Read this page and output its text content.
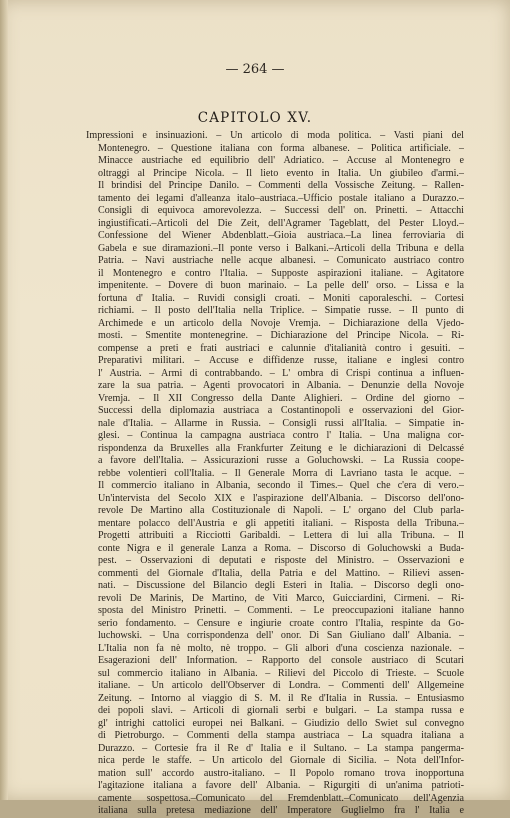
— 264 —
CAPITOLO XV.
Impressioni e insinuazioni. – Un articolo di moda politica. – Vasti piani del
Montenegro. – Questione italiana con forma albanese. – Politica artificiale. –
Minacce austriache ed equilibrio dell' Adriatico. – Accuse al Montenegro e
oltraggi al Principe Nicola. – Il lieto evento in Italia. Un giubileo d'armi.–
Il brindisi del Principe Danilo. – Commenti della Vossische Zeitung. – Rallen-
tamento dei legami d'alleanza italo–austriaca.–Ufficio postale italiano a Durazzo.–
Consigli di equivoca amorevolezza. – Successi dell' on. Prinetti. – Attacchi
ingiustificati.–Articoli del Die Zeit, dell'Agramer Tageblatt, del Pester Lloyd.–
Confessione del Wiener Abdenblatt.–Gioia austriaca.–La linea ferroviaria di
Gabela e sue diramazioni.–Il ponte verso i Balkani.–Articoli della Tribuna e della
Patria. – Navi austriache nelle acque albanesi. – Comunicato austriaco contro
il Montenegro e contro l'Italia. – Supposte aspirazioni italiane. – Agitatore
impenitente. – Dovere di buon marinaio. – La pelle dell' orso. – Lissa e la
fortuna d' Italia. – Ruvidi consigli croati. – Moniti caporaleschi. – Cortesi
richiami. – Il posto dell'Italia nella Triplice. – Simpatie russe. – Il punto di
Archimede e un articolo della Novoje Vremja. – Dichiarazione della Vjedo-
mosti. – Smentite montenegrine. – Dichiarazione del Principe Nicola. – Ri-
compense a preti e frati austriaci e calunnie d'italianità contro i gesuiti. –
Preparativi militari. – Accuse e diffidenze russe, italiane e inglesi contro
l' Austria. – Armi di contrabbando. – L' ombra di Crispi continua a influen-
zare la sua patria. – Agenti provocatori in Albania. – Denunzie della Novoje
Vremja. – Il XII Congresso della Dante Alighieri. – Ordine del giorno –
Successi della diplomazia austriaca a Costantinopoli e osservazioni del Gior-
nale d'Italia. – Allarme in Russia. – Consigli russi all'Italia. – Simpatie in-
glesi. – Continua la campagna austriaca contro l' Italia. – Una maligna cor-
rispondenza da Bruxelles alla Frankfurter Zeitung e le dichiarazioni di Delcassé
a favore dell'Italia. – Assicurazioni russe a Goluchowski. – La Russia coope-
rebbe volentieri coll'Italia. – Il Generale Morra di Lavriano tasta le acque. –
Il commercio italiano in Albania, secondo il Times.– Quel che c'era di vero.–
Un'intervista del Secolo XIX e l'aspirazione dell'Albania. – Discorso dell'ono-
revole De Martino alla Costituzionale di Napoli. – L' organo del Club parla-
mentare polacco dell'Austria e gli appetiti italiani. – Risposta della Tribuna.–
Progetti attribuiti a Ricciotti Garibaldi. – Lettera di lui alla Tribuna. – Il
conte Nigra e il generale Lanza a Roma. – Discorso di Goluchowski a Buda-
pest. – Osservazioni di deputati e risposte del Ministro. – Osservazioni e
commenti del Giornale d'Italia, della Patria e del Mattino. – Rilievi assen-
nati. – Discussione del Bilancio degli Esteri in Italia. – Discorso degli ono-
revoli De Marinis, De Martino, de Viti Marco, Guicciardini, Cirmeni. – Ri-
sposta del Ministro Prinetti. – Commenti. – Le preoccupazioni italiane hanno
serio fondamento. – Censure e ingiurie croate contro l'Italia, respinte da Go-
luchowski. – Una corrispondenza dell' onor. Di San Giuliano dall' Albania. –
L'Italia non fa nè molto, nè troppo. – Gli albori d'una coscienza nazionale. –
Esagerazioni dell' Information. – Rapporto del console austriaco di Scutari
sul commercio italiano in Albania. – Rilievi del Piccolo di Trieste. – Scuole
italiane. – Un articolo dell'Observer di Londra. – Commenti dell' Allgemeine
Zeitung. – Intorno al viaggio di S. M. il Re d'Italia in Russia. – Entusiasmo
dei popoli slavi. – Articoli di giornali serbi e bulgari. – La stampa russa e
gl' intrighi cattolici europei nei Balkani. – Giudizio dello Swiet sul convegno
di Pietroburgo. – Commenti della stampa austriaca – La squadra italiana a
Durazzo. – Cortesie fra il Re d' Italia e il Sultano. – La stampa pangerma-
nica perde le staffe. – Un articolo del Giornale di Sicilia. – Nota dell'Infor-
mation sull' accordo austro-italiano. – Il Popolo romano trova inopportuna
l'agitazione italiana a favore dell' Albania. – Rigurgiti di un'anima patrioti-
camente sospettosa.–Comunicato del Fremdenblatt.–Comunicato dell'Agenzia
italiana sulla pretesa mediazione dell' Imperatore Guglielmo fra l' Italia e
